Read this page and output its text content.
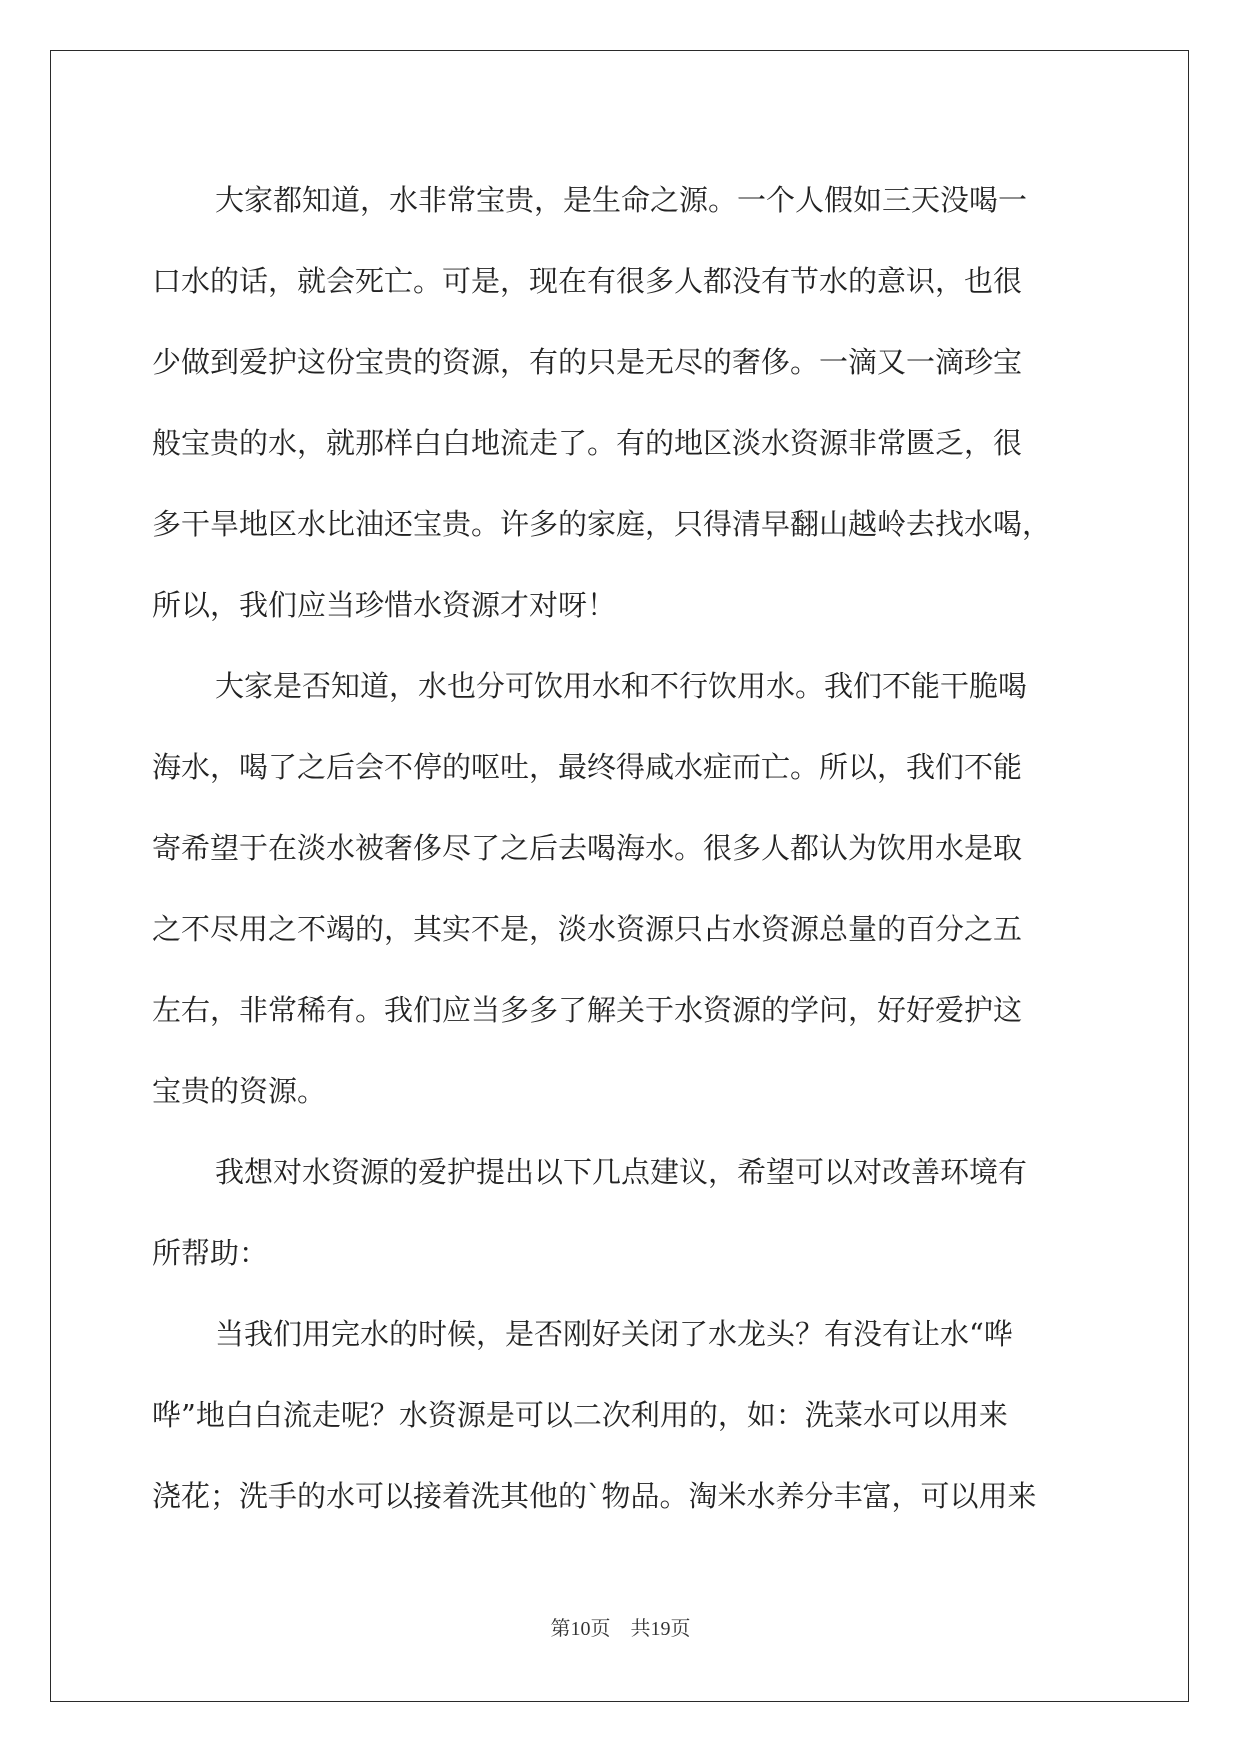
大家都知道，水非常宝贵，是生命之源。一个人假如三天没喝一
口水的话，就会死亡。可是，现在有很多人都没有节水的意识，也很
少做到爱护这份宝贵的资源，有的只是无尽的奢侈。一滴又一滴珍宝
般宝贵的水，就那样白白地流走了。有的地区淡水资源非常匮乏，很
多干旱地区水比油还宝贵。许多的家庭，只得清早翻山越岭去找水喝，
所以，我们应当珍惜水资源才对呀！
大家是否知道，水也分可饮用水和不行饮用水。我们不能干脆喝
海水，喝了之后会不停的呕吐，最终得咸水症而亡。所以，我们不能
寄希望于在淡水被奢侈尽了之后去喝海水。很多人都认为饮用水是取
之不尽用之不竭的，其实不是，淡水资源只占水资源总量的百分之五
左右，非常稀有。我们应当多多了解关于水资源的学问，好好爱护这
宝贵的资源。
我想对水资源的爱护提出以下几点建议，希望可以对改善环境有
所帮助：
当我们用完水的时候，是否刚好关闭了水龙头？有没有让水“哗
哗”地白白流走呢？水资源是可以二次利用的，如：洗菜水可以用来
浇花；洗手的水可以接着洗其他的`物品。淘米水养分丰富，可以用来
第10页　共19页
